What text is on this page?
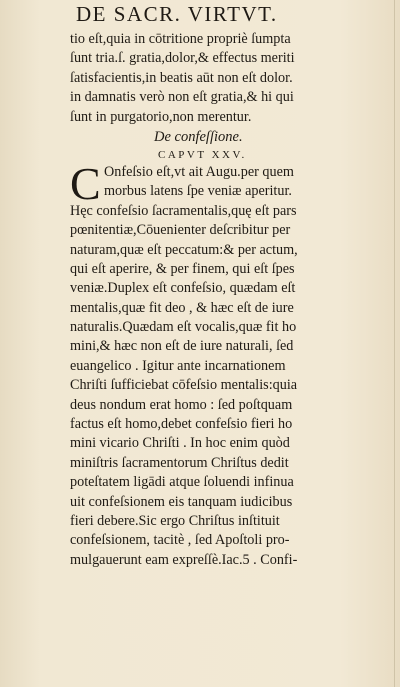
DE SACR. VIRTVT.
tio eſt,quia in cōtritione propriè ſumpta
ſunt tria.ſ. gratia,dolor,& effectus meriti
ſatisfacientis,in beatis aūt non eſt dolor.
in damnatis verò non eſt gratia,& hi qui
ſunt in purgatorio,non merentur.
De confeſſione.
CAPVT XXV.
C Onfeſsio eſt,vt ait Augu.per quem
morbus latens ſpe veniæ aperitur.
Hęc confeſsio ſacramentalis,quę eſt pars
pœnitentiæ,Cōuenienter deſcribitur per
naturam,quæ eſt peccatum:& per actum,
qui eſt aperire, & per finem, qui eſt ſpes
veniæ.Duplex eſt confeſsio, quædam eſt
mentalis,quæ fit deo , & hæc eſt de iure
naturalis.Quædam eſt vocalis,quæ fit ho
mini,& hæc non eſt de iure naturali, ſed
euangelico . Igitur ante incarnationem
Chriſti ſufficiebat cōfeſsio mentalis:quia
deus nondum erat homo : ſed poſtquam
factus eſt homo,debet confeſsio fieri ho
mini vicario Chriſti . In hoc enim quòd
miniſtris ſacramentorum Chriſtus dedit
poteſtatem ligādi atque ſoluendi infinua
uit confeſsionem eis tanquam iudicibus
fieri debere.Sic ergo Chriſtus inſtituit
confeſsionem, tacitè , ſed Apoſtoli pro-
mulgauerunt eam expreſſè.Iac.5 . Confi-
